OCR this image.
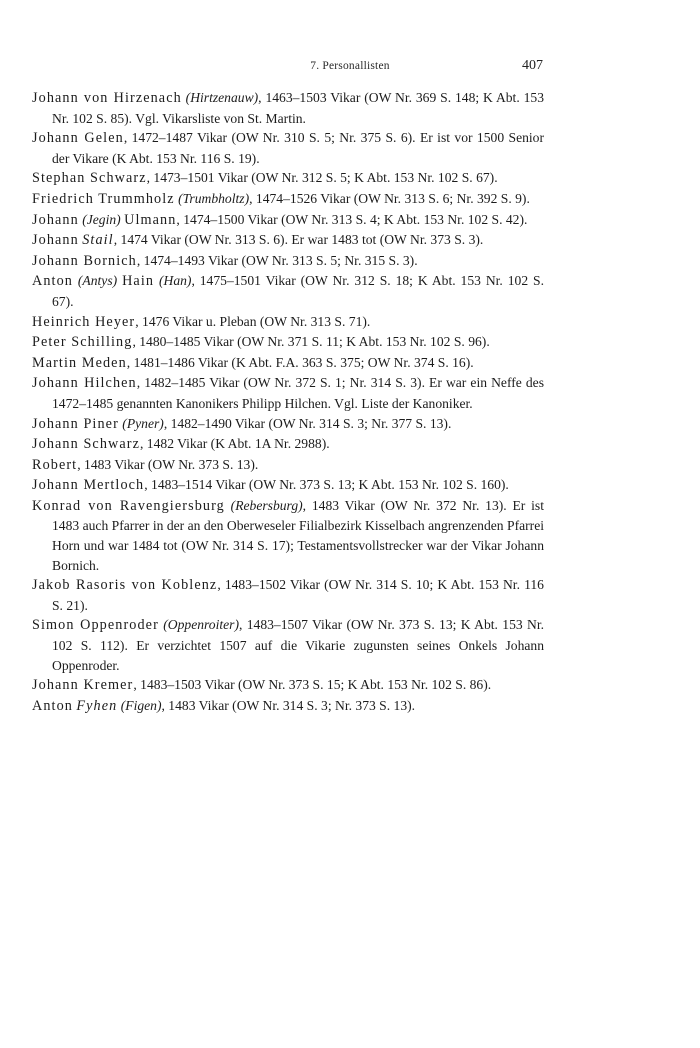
7. Personallisten	407

Johann von Hirzenach (Hirtzenauw), 1463–1503 Vikar (OW Nr. 369 S. 148; K Abt. 153 Nr. 102 S. 85). Vgl. Vikarsliste von St. Martin.

Johann Gelen, 1472–1487 Vikar (OW Nr. 310 S. 5; Nr. 375 S. 6). Er ist vor 1500 Senior der Vikare (K Abt. 153 Nr. 116 S. 19).

Stephan Schwarz, 1473–1501 Vikar (OW Nr. 312 S. 5; K Abt. 153 Nr. 102 S. 67).

Friedrich Trummholz (Trumbholtz), 1474–1526 Vikar (OW Nr. 313 S. 6; Nr. 392 S. 9).

Johann (Jegin) Ulmann, 1474–1500 Vikar (OW Nr. 313 S. 4; K Abt. 153 Nr. 102 S. 42).

Johann Stail, 1474 Vikar (OW Nr. 313 S. 6). Er war 1483 tot (OW Nr. 373 S. 3).

Johann Bornich, 1474–1493 Vikar (OW Nr. 313 S. 5; Nr. 315 S. 3).

Anton (Antys) Hain (Han), 1475–1501 Vikar (OW Nr. 312 S. 18; K Abt. 153 Nr. 102 S. 67).

Heinrich Heyer, 1476 Vikar u. Pleban (OW Nr. 313 S. 71).

Peter Schilling, 1480–1485 Vikar (OW Nr. 371 S. 11; K Abt. 153 Nr. 102 S. 96).

Martin Meden, 1481–1486 Vikar (K Abt. F.A. 363 S. 375; OW Nr. 374 S. 16).

Johann Hilchen, 1482–1485 Vikar (OW Nr. 372 S. 1; Nr. 314 S. 3). Er war ein Neffe des 1472–1485 genannten Kanonikers Philipp Hilchen. Vgl. Liste der Kanoniker.

Johann Piner (Pyner), 1482–1490 Vikar (OW Nr. 314 S. 3; Nr. 377 S. 13).

Johann Schwarz, 1482 Vikar (K Abt. 1A Nr. 2988).

Robert, 1483 Vikar (OW Nr. 373 S. 13).

Johann Mertloch, 1483–1514 Vikar (OW Nr. 373 S. 13; K Abt. 153 Nr. 102 S. 160).

Konrad von Ravengiersburg (Rebersburg), 1483 Vikar (OW Nr. 372 Nr. 13). Er ist 1483 auch Pfarrer in der an den Oberweseler Filialbezirk Kisselbach angrenzenden Pfarrei Horn und war 1484 tot (OW Nr. 314 S. 17); Testamentsvollstrecker war der Vikar Johann Bornich.

Jakob Rasoris von Koblenz, 1483–1502 Vikar (OW Nr. 314 S. 10; K Abt. 153 Nr. 116 S. 21).

Simon Oppenroder (Oppenroiter), 1483–1507 Vikar (OW Nr. 373 S. 13; K Abt. 153 Nr. 102 S. 112). Er verzichtet 1507 auf die Vikarie zugunsten seines Onkels Johann Oppenroder.

Johann Kremer, 1483–1503 Vikar (OW Nr. 373 S. 15; K Abt. 153 Nr. 102 S. 86).

Anton Fyhen (Figen), 1483 Vikar (OW Nr. 314 S. 3; Nr. 373 S. 13).
